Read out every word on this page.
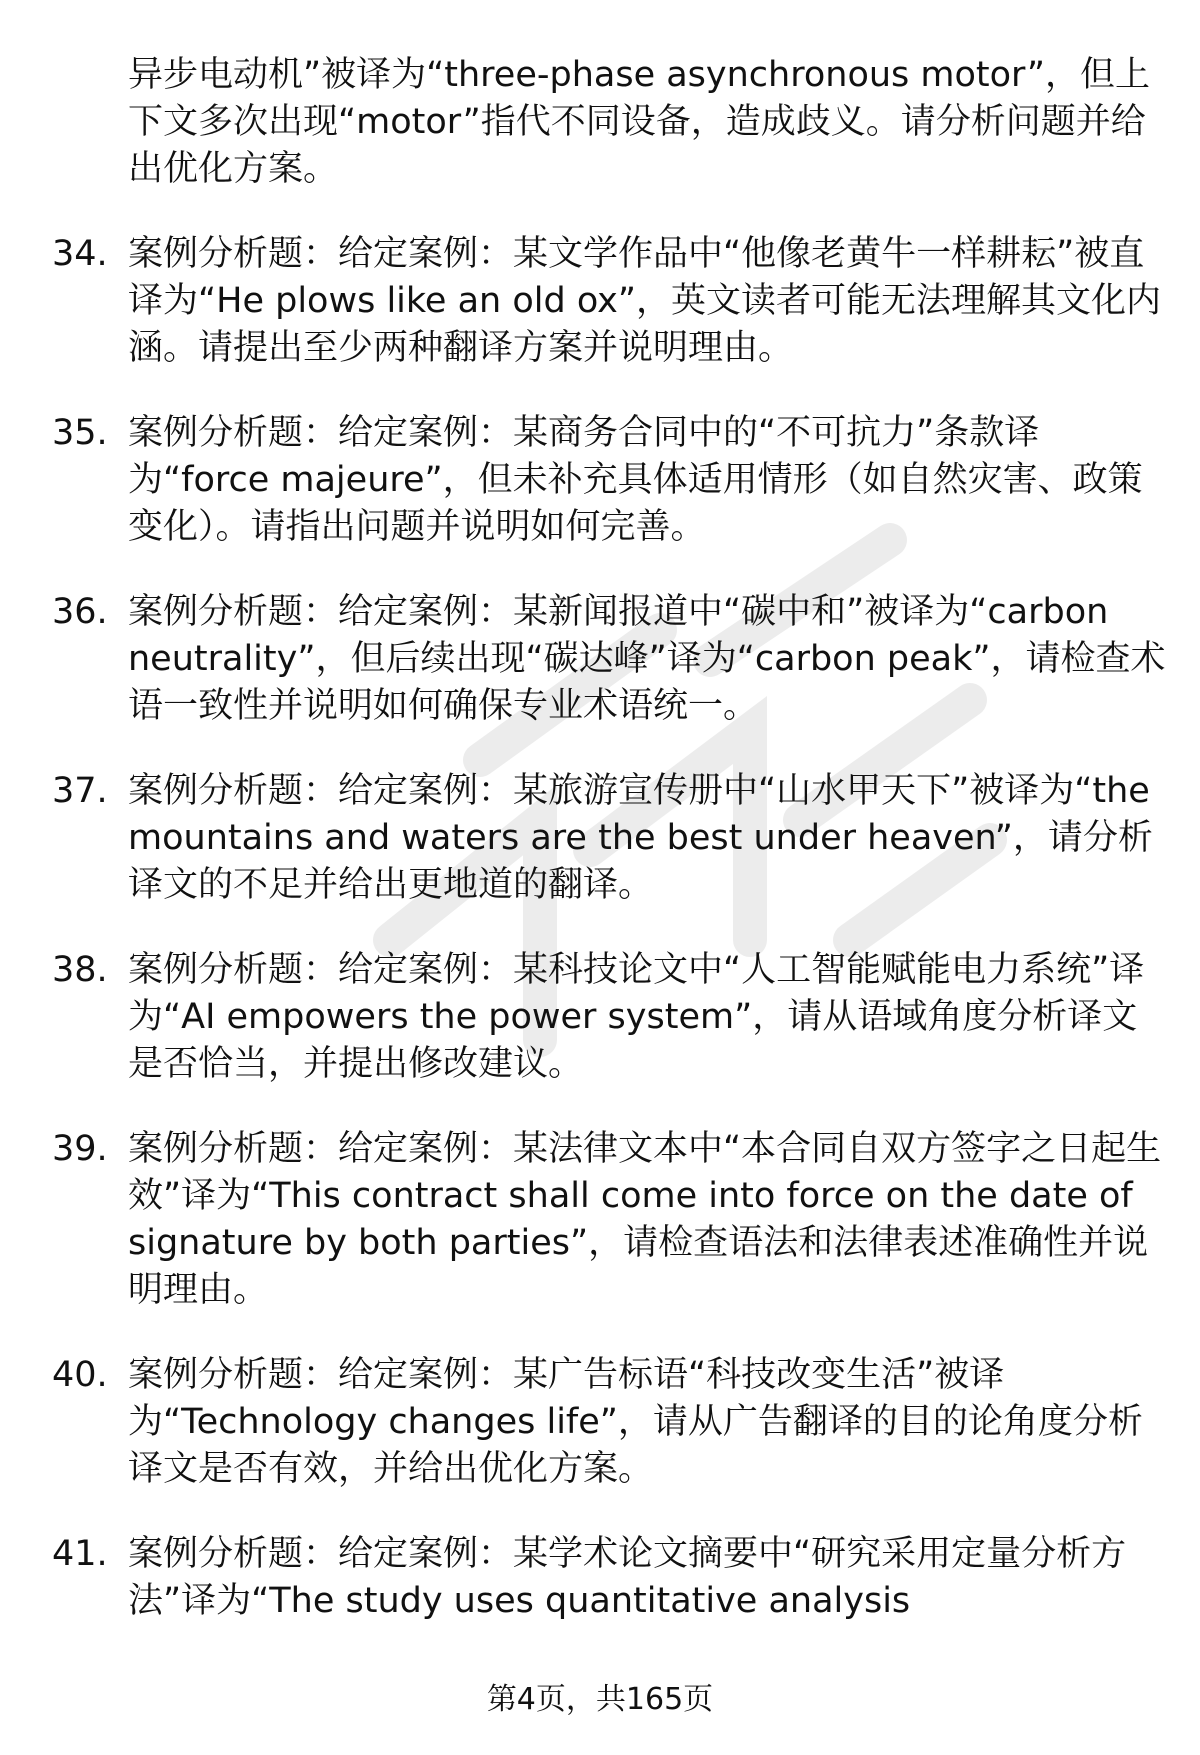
异步电动机”被译为“three-phase asynchronous motor”，但上下文多次出现“motor”指代不同设备，造成歧义。请分析问题并给出优化方案。
34. 案例分析题：给定案例：某文学作品中“他像老黄牛一样耕耘”被直译为“He plows like an old ox”，英文读者可能无法理解其文化内涵。请提出至少两种翻译方案并说明理由。
35. 案例分析题：给定案例：某商务合同中的“不可抗力”条款译为“force majeure”，但未补充具体适用情形（如自然灾害、政策变化）。请指出问题并说明如何完善。
36. 案例分析题：给定案例：某新闻报道中“碳中和”被译为“carbon neutrality”，但后续出现“碳达峰”译为“carbon peak”，请检查术语一致性并说明如何确保专业术语统一。
37. 案例分析题：给定案例：某旅游宣传册中“山水甲天下”被译为“the mountains and waters are the best under heaven”，请分析译文的不足并给出更地道的翻译。
38. 案例分析题：给定案例：某科技论文中“人工智能赋能电力系统”译为“AI empowers the power system”，请从语域角度分析译文是否恰当，并提出修改建议。
39. 案例分析题：给定案例：某法律文本中“本合同自双方签字之日起生效”译为“This contract shall come into force on the date of signature by both parties”，请检查语法和法律表述准确性并说明理由。
40. 案例分析题：给定案例：某广告标语“科技改变生活”被译为“Technology changes life”，请从广告翻译的目的论角度分析译文是否有效，并给出优化方案。
41. 案例分析题：给定案例：某学术论文摘要中“研究采用定量分析方法”译为“The study uses quantitative analysis
第4页，共165页
